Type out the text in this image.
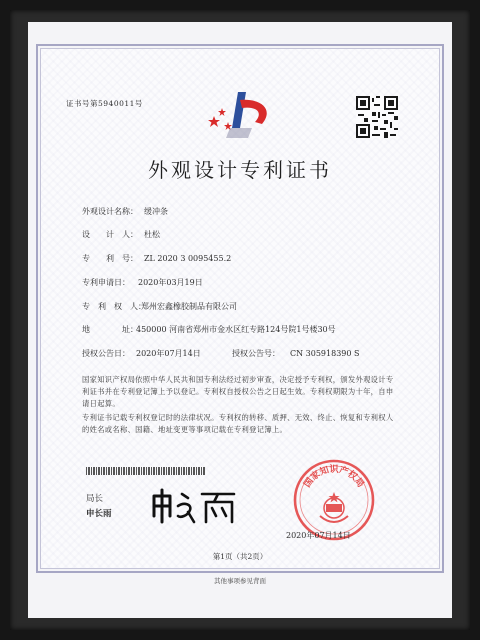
证书号第5940011号
外观设计专利证书
外观设计名称： 缓冲条
设　　计　人： 杜松
专　　利　号： ZL 2020 3 0095455.2
专利申请日： 2020年03月19日
专　利　权　人：
郑州宏鑫橡胶制品有限公司
地　　　　址：
450000 河南省郑州市金水区红专路124号院1号楼30号
授权公告日： 2020年07月14日	授权公告号： CN 305918390 S
国家知识产权局依照中华人民共和国专利法经过初步审查，决定授予专利权，颁发外观设计专利证书并在专利登记簿上予以登记。专利权自授权公告之日起生效。专利权期限为十年，自申请日起算。
专利证书记载专利权登记时的法律状况。专利权的转移、质押、无效、终止、恢复和专利权人的姓名或名称、国籍、地址变更等事项记载在专利登记簿上。
局长
申长雨
国家知识产权局
2020年07月14日
第1页（共2页）
其他事项参见背面
